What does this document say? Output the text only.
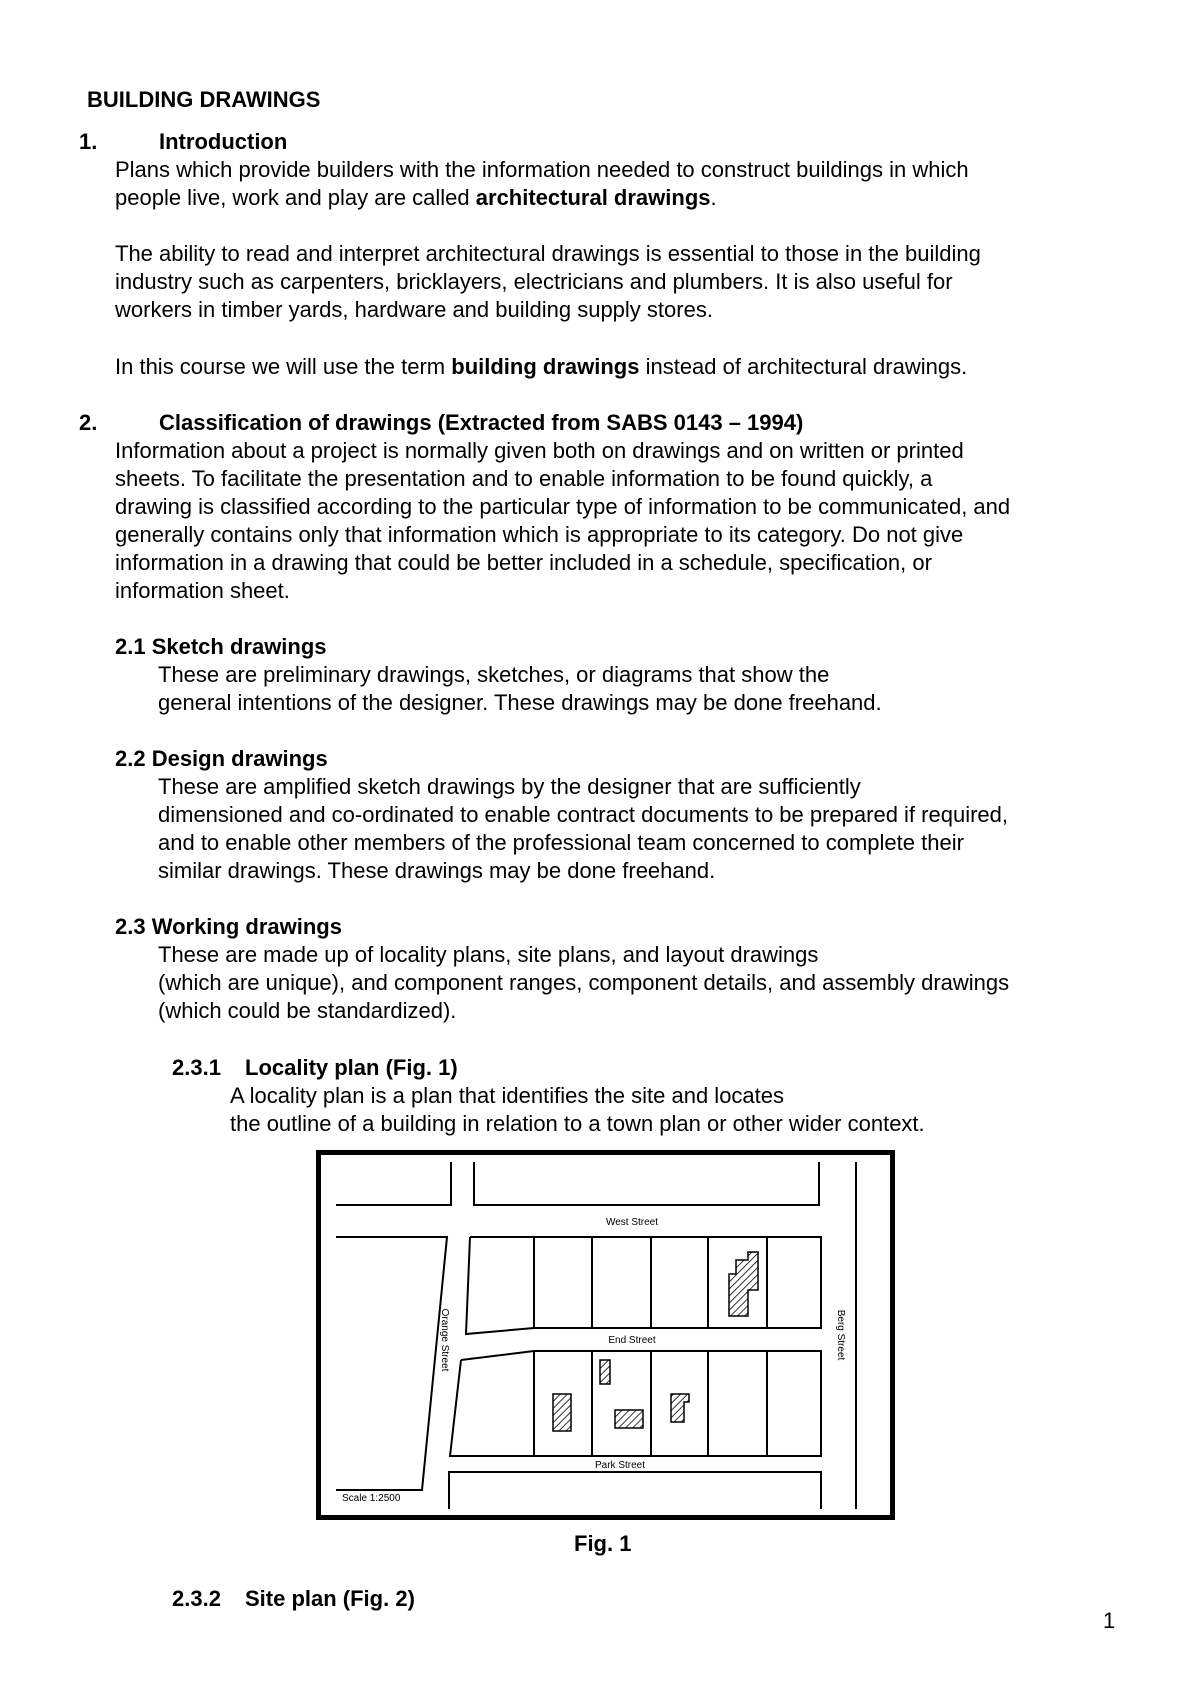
BUILDING DRAWINGS

1.	Introduction

Plans which provide builders with the information needed to construct buildings in which

people live, work and play are called architectural drawings.

The ability to read and interpret architectural drawings is essential to those in the building
industry such as carpenters, bricklayers, electricians and plumbers. It is also useful for
workers in timber yards, hardware and building supply stores.

In this course we will use the term building drawings instead of architectural drawings.

2.	Classification of drawings (Extracted from SABS 0143 – 1994)

Information about a project is normally given both on drawings and on written or printed
sheets. To facilitate the presentation and to enable information to be found quickly, a
drawing is classified according to the particular type of information to be communicated, and
generally contains only that information which is appropriate to its category. Do not give
information in a drawing that could be better included in a schedule, specification, or
information sheet.

2.1 Sketch drawings

These are preliminary drawings, sketches, or diagrams that show the
general intentions of the designer. These drawings may be done freehand.

2.2 Design drawings

These are amplified sketch drawings by the designer that are sufficiently
dimensioned and co-ordinated to enable contract documents to be prepared if required,
and to enable other members of the professional team concerned to complete their
similar drawings. These drawings may be done freehand.

2.3 Working drawings

These are made up of locality plans, site plans, and layout drawings
(which are unique), and component ranges, component details, and assembly drawings
(which could be standardized).

2.3.1 Locality plan (Fig. 1)

A locality plan is a plan that identifies the site and locates
the outline of a building in relation to a town plan or other wider context.
West Street
End Street
Park Street
Orange Street	Berg Street
Scale 1:2500

Fig. 1

2.3.2 Site plan (Fig. 2)

1
